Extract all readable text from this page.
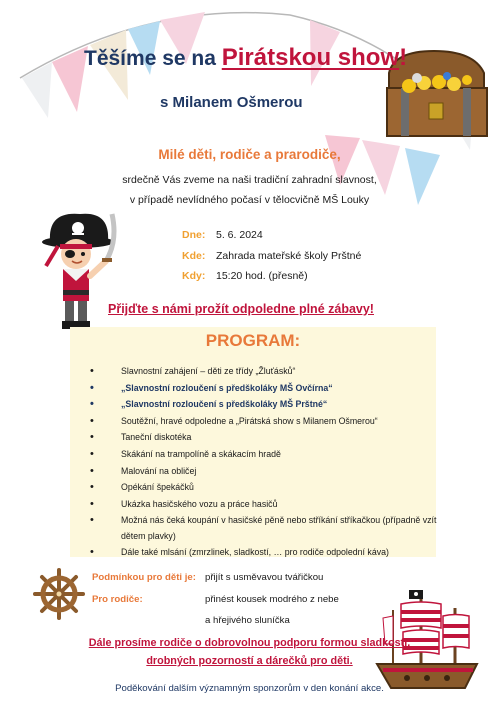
Těšíme se na Pirátskou show!
s Milanem Ošmerou
Milé děti, rodiče a prarodiče,
srdečně Vás zveme na naši tradiční zahradní slavnost,
v případě nevlídného počasí v tělocvičně MŠ Louky
Dne: 5. 6. 2024
Kde: Zahrada mateřské školy Prštné
Kdy: 15:20 hod. (přesně)
Přijďte s námi prožít odpoledne plné zábavy!
PROGRAM:
• Slavnostní zahájení – děti ze třídy „Žluťásků“
• „Slavnostní rozloučení s předškoláky MŠ Ovčírna“
• „Slavnostní rozloučení s předškoláky MŠ Prštné“
• Soutěžní, hravé odpoledne a „Pirátská show s Milanem Ošmerou“
• Taneční diskotéka
• Skákání na trampolíně a skákacím hradě
• Malování na obličej
• Opékání špekáčků
• Ukázka hasičského vozu a práce hasičů
• Možná nás čeká koupání v hasičské pěně nebo stříkání stříkačkou (případně vzít dětem plavky)
• Dále také mlsání (zmrzlinek, sladkostí, … pro rodiče odpolední káva)
Podmínkou pro děti je: přijít s usměvavou tvářičkou
Pro rodiče:	přinést kousek modrého z nebe
a hřejivého sluníčka
Dále prosíme rodiče o dobrovolnou podporu formou sladkostí,
drobných pozorností a dárečků pro děti.
Poděkování dalším významným sponzorům v den konání akce.
